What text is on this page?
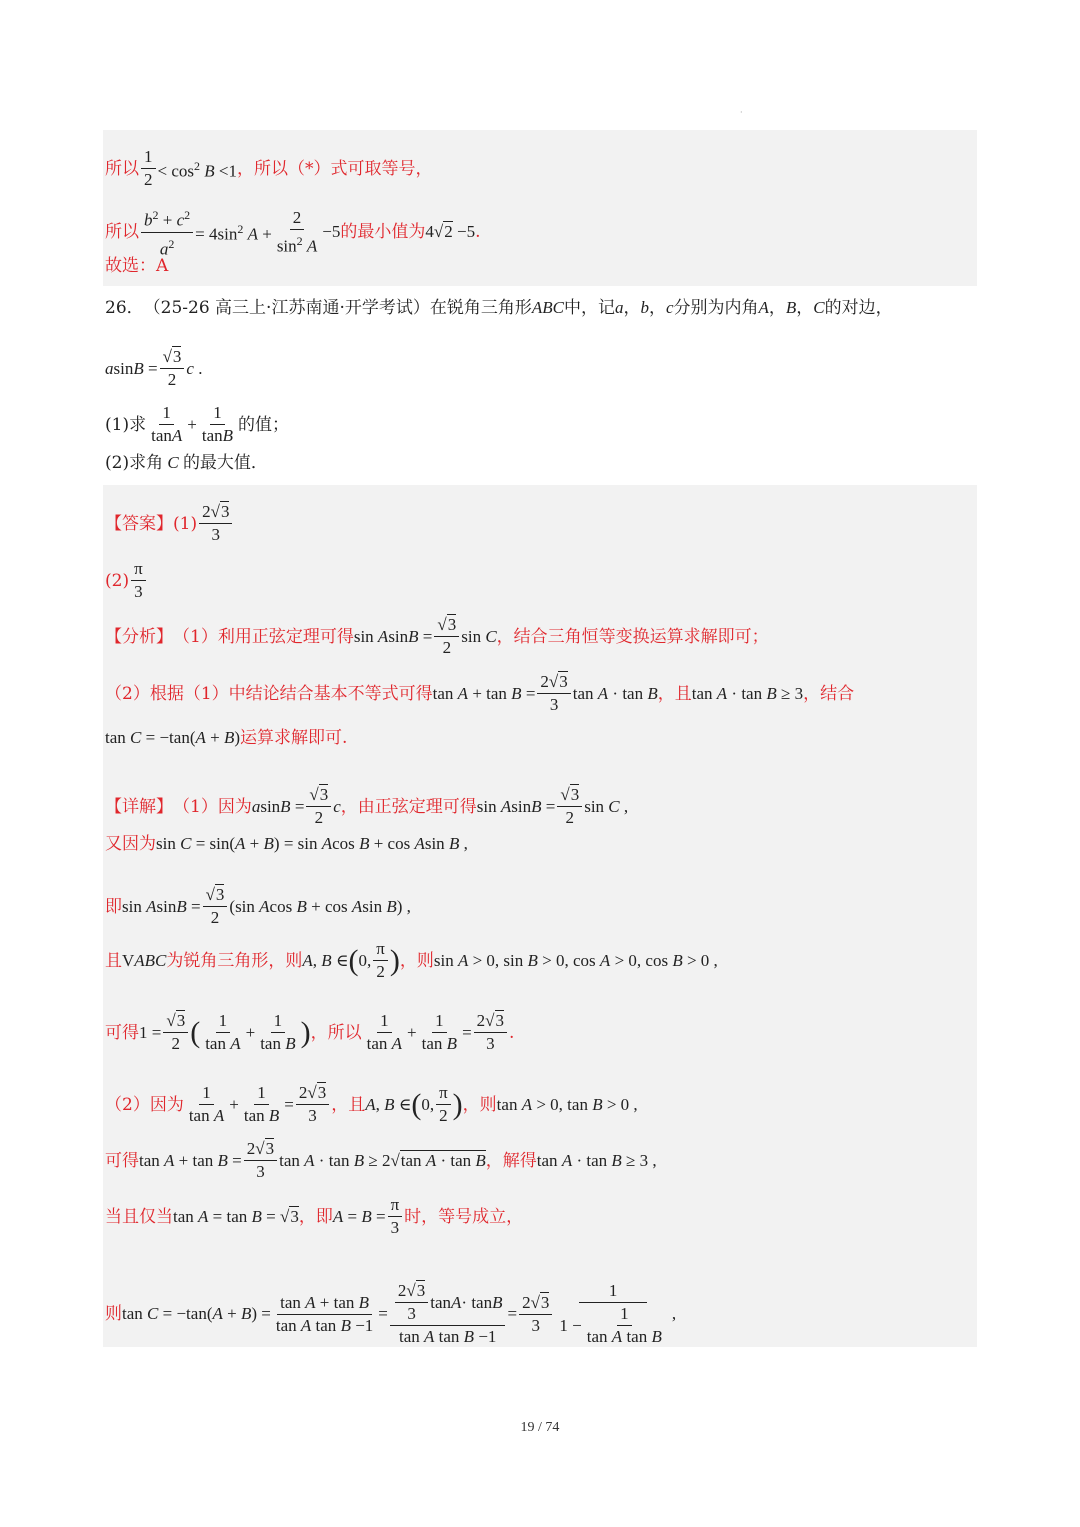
·
所以 $\frac{1}{2} < \cos^2 B <1$ ，所以（*）式可取等号，
所以 $\frac{b^2 + c^2}{a^2} = 4\sin^2$ $A + \frac{2}{\sin^2 A} -5$ 的最小值为 4√2 −5 .
故选：A
26． （25-26 高三上·江苏南通·开学考试）在锐角三角形 ABC 中，记 a，b，c 分别为内角 A，B，C 的对边，
$asinB = \frac{√3}{2}$ c .
(1)求 $\frac{1}{\tan A} + \frac{1}{\tan B}$ 的值；
(2)求角 C 的最大值．
【答案】 $(1) \frac{2√3}{3}$
$(2) \frac{\pi}{3}$
【分析】 （1）利用正弦定理可得 $\sin AsinB = \frac{√3}{2}$ sin C ，结合三角恒等变换运算求解即可；
（2）根据（1）中结论结合基本不等式可得 $\tan A + \tan B = \frac{2√3}{3}$ tan A · tan B ，且 tan A · tan B ≥ 3 ，结合
tan C = −tan(A + B) 运算求解即可.
【详解】 （1）因为 $asinB = \frac{√3}{2}$ c ，由正弦定理可得 $\sin AsinB = \frac{√3}{2}$ sin C ,
又因为 sin C = sin(A + B) = sin Acos B + cos Asin B ,
即 $\sin AsinB = \frac{√3}{2} (\sin$ Acos B + cos Asin B) ,
且 VABC 为锐角三角形，则 A, B ∈ ( 0, $\frac{\pi}{2}$ ) ，则 sin A > 0, sin B > 0, cos A > 0, cos B > 0 ,
可得 $1 = \frac{√3}{2}$ ( $\frac{1}{\text{tan A}} + \frac{1}{\text{tan B}}$ ) ，所以 $\frac{1}{\text{tan A}} + \frac{1}{\text{tan B}} = \frac{2√3}{3}$ .
（2）因为 $\frac{1}{\text{tan A}} + \frac{1}{\text{tan B}} = \frac{2√3}{3}$ ，且 A, B ∈ ( 0, $\frac{\pi}{2}$ ) ，则 tan A > 0, tan B > 0 ,
可得 $\tan A + \tan B = \frac{2√3}{3}$ tan A · tan B ≥ 2√tan A · tan B ，解得 tan A · tan B ≥ 3 ,
当且仅当 tan A = tan B = √3 ，即 $A = B = \frac{\pi}{3}$ 时，等号成立，
则 $\tan C = -\tan(A + B) = \frac{\text{tan A + tan B}}{\text{tan A tan B −1}} = \frac{\frac{2√3}{3} \tan A \cdot \tan B}{\text{tan A tan B −1}} = \frac{2√3}{3} \frac{1}{1 - \frac{1}{\text{tan A tan B}}}$ ,
19 / 74
